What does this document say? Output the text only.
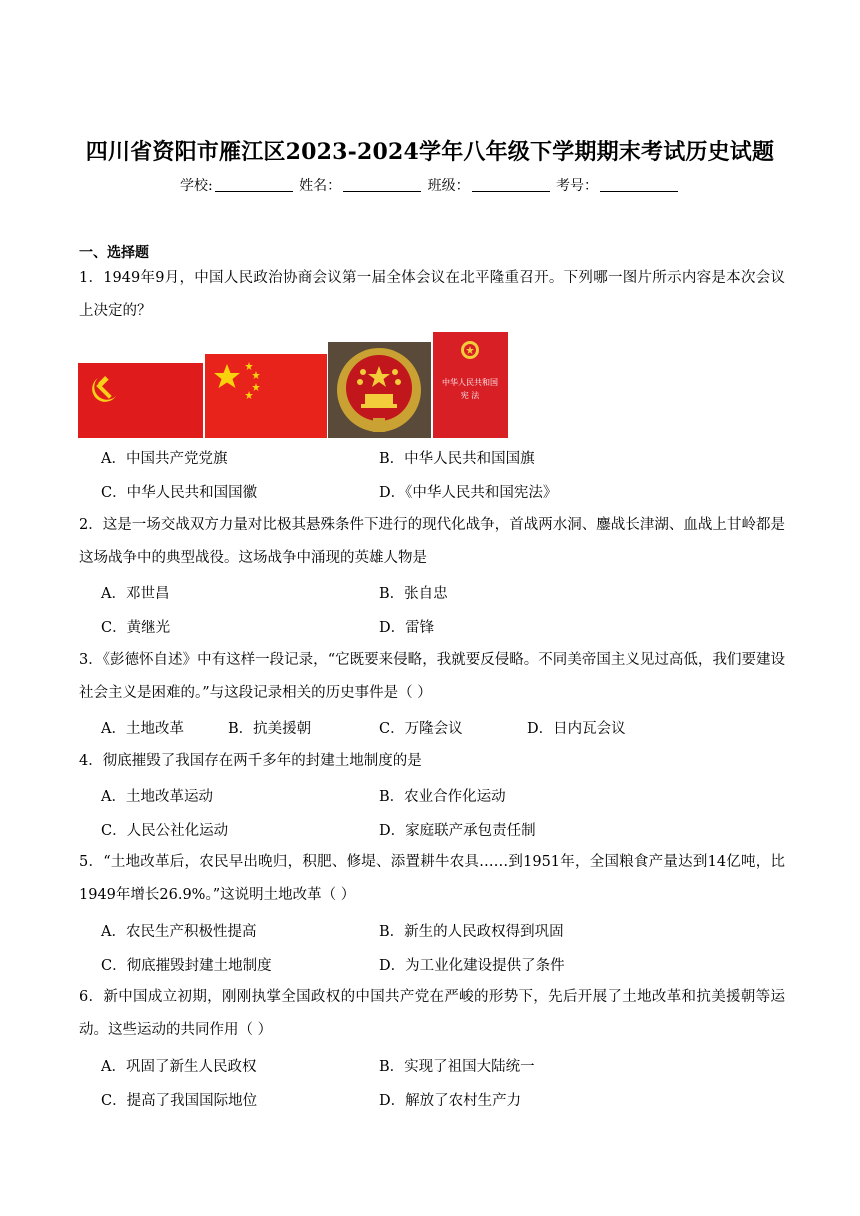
四川省资阳市雁江区2023-2024学年八年级下学期期末考试历史试题
学校:	姓名：	班级：	考号：
一、选择题
1．1949年9月，中国人民政治协商会议第一届全体会议在北平隆重召开。下列哪一图片所示内容是本次会议上决定的？
中华人民共和国
宪 法
A．中国共产党党旗	B．中华人民共和国国旗
C．中华人民共和国国徽	D．《中华人民共和国宪法》
2．这是一场交战双方力量对比极其悬殊条件下进行的现代化战争，首战两水洞、鏖战长津湖、血战上甘岭都是这场战争中的典型战役。这场战争中涌现的英雄人物是
A．邓世昌	B．张自忠
C．黄继光	D．雷锋
3．《彭德怀自述》中有这样一段记录，“它既要来侵略，我就要反侵略。不同美帝国主义见过高低，我们要建设社会主义是困难的。”与这段记录相关的历史事件是（ ）
A．土地改革	B．抗美援朝	C．万隆会议	D．日内瓦会议
4．彻底摧毁了我国存在两千多年的封建土地制度的是
A．土地改革运动	B．农业合作化运动
C．人民公社化运动	D．家庭联产承包责任制
5．“土地改革后，农民早出晚归，积肥、修堤、添置耕牛农具……到1951年，全国粮食产量达到14亿吨，比1949年增长26.9%。”这说明土地改革（ ）
A．农民生产积极性提高	B．新生的人民政权得到巩固
C．彻底摧毁封建土地制度	D．为工业化建设提供了条件
6．新中国成立初期，刚刚执掌全国政权的中国共产党在严峻的形势下，先后开展了土地改革和抗美援朝等运动。这些运动的共同作用（ ）
A．巩固了新生人民政权	B．实现了祖国大陆统一
C．提高了我国国际地位	D．解放了农村生产力
